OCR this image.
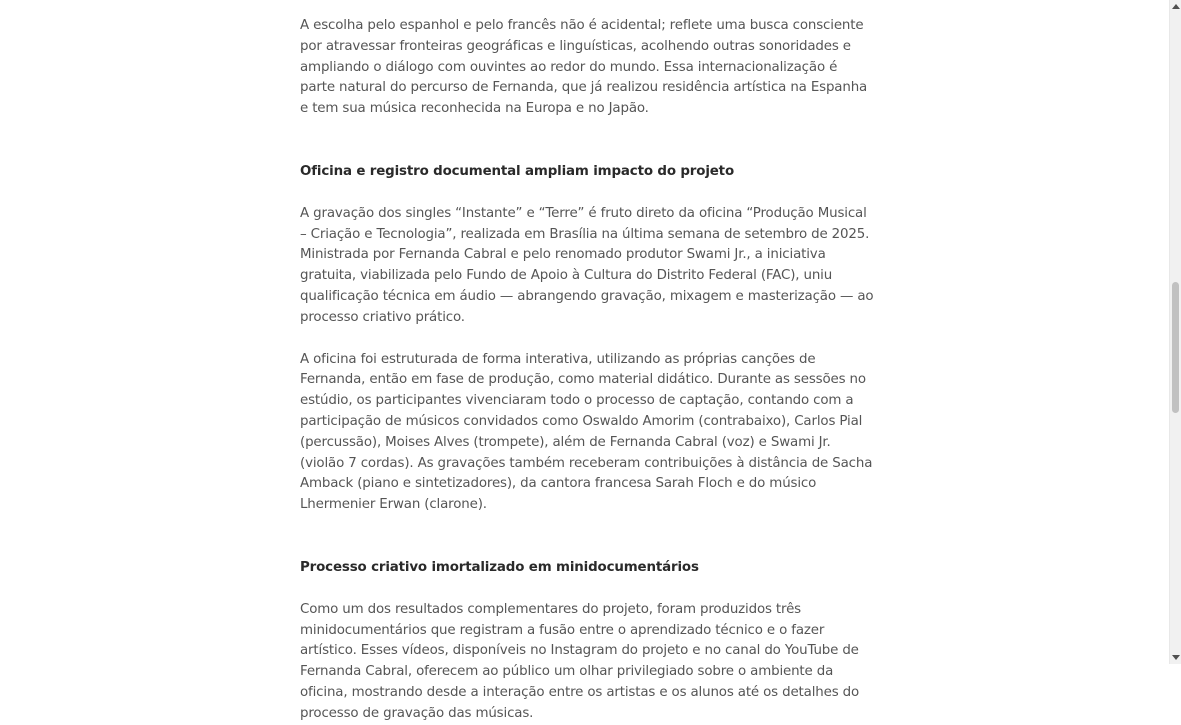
A escolha pelo espanhol e pelo francês não é acidental; reflete uma busca consciente por atravessar fronteiras geográficas e linguísticas, acolhendo outras sonoridades e ampliando o diálogo com ouvintes ao redor do mundo. Essa internacionalização é parte natural do percurso de Fernanda, que já realizou residência artística na Espanha e tem sua música reconhecida na Europa e no Japão.

Oficina e registro documental ampliam impacto do projeto

A gravação dos singles “Instante” e “Terre” é fruto direto da oficina “Produção Musical – Criação e Tecnologia”, realizada em Brasília na última semana de setembro de 2025. Ministrada por Fernanda Cabral e pelo renomado produtor Swami Jr., a iniciativa gratuita, viabilizada pelo Fundo de Apoio à Cultura do Distrito Federal (FAC), uniu qualificação técnica em áudio — abrangendo gravação, mixagem e masterização — ao processo criativo prático.

A oficina foi estruturada de forma interativa, utilizando as próprias canções de Fernanda, então em fase de produção, como material didático. Durante as sessões no estúdio, os participantes vivenciaram todo o processo de captação, contando com a participação de músicos convidados como Oswaldo Amorim (contrabaixo), Carlos Pial (percussão), Moises Alves (trompete), além de Fernanda Cabral (voz) e Swami Jr. (violão 7 cordas). As gravações também receberam contribuições à distância de Sacha Amback (piano e sintetizadores), da cantora francesa Sarah Floch e do músico Lhermenier Erwan (clarone).

Processo criativo imortalizado em minidocumentários

Como um dos resultados complementares do projeto, foram produzidos três minidocumentários que registram a fusão entre o aprendizado técnico e o fazer artístico. Esses vídeos, disponíveis no Instagram do projeto e no canal do YouTube de Fernanda Cabral, oferecem ao público um olhar privilegiado sobre o ambiente da oficina, mostrando desde a interação entre os artistas e os alunos até os detalhes do processo de gravação das músicas.
